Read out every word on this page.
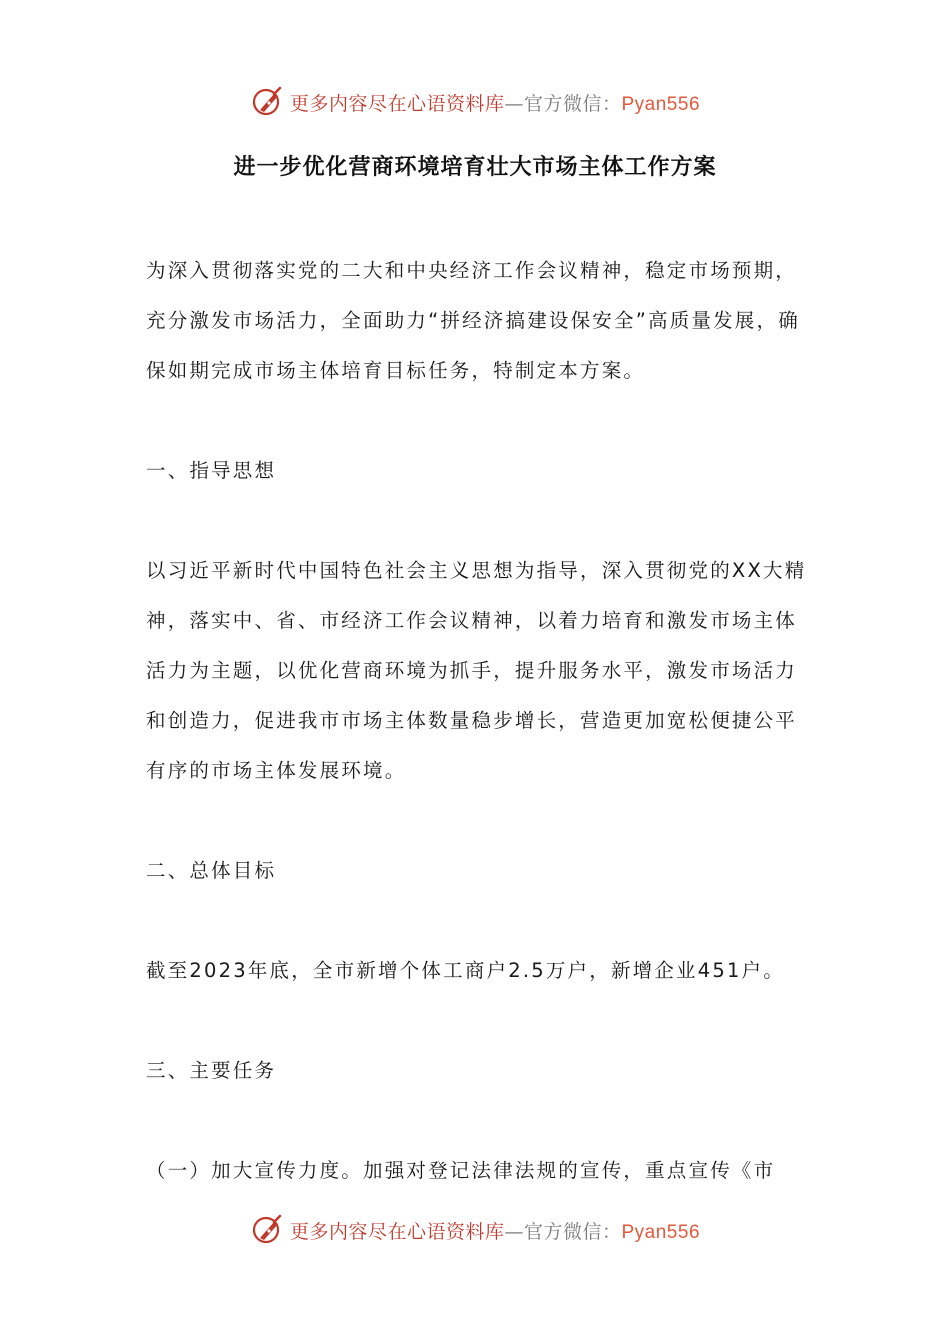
更多内容尽在心语资料库—官方微信：Pyan556
进一步优化营商环境培育壮大市场主体工作方案

为深入贯彻落实党的二大和中央经济工作会议精神，稳定市场预期，充分激发市场活力，全面助力“拼经济搞建设保安全”高质量发展，确保如期完成市场主体培育目标任务，特制定本方案。

一、指导思想

以习近平新时代中国特色社会主义思想为指导，深入贯彻党的XX大精神，落实中、省、市经济工作会议精神，以着力培育和激发市场主体活力为主题，以优化营商环境为抓手，提升服务水平，激发市场活力和创造力，促进我市市场主体数量稳步增长，营造更加宽松便捷公平有序的市场主体发展环境。

二、总体目标

截至2023年底，全市新增个体工商户2.5万户，新增企业451户。

三、主要任务

（一）加大宣传力度。加强对登记法律法规的宣传，重点宣传《市

更多内容尽在心语资料库—官方微信：Pyan556
